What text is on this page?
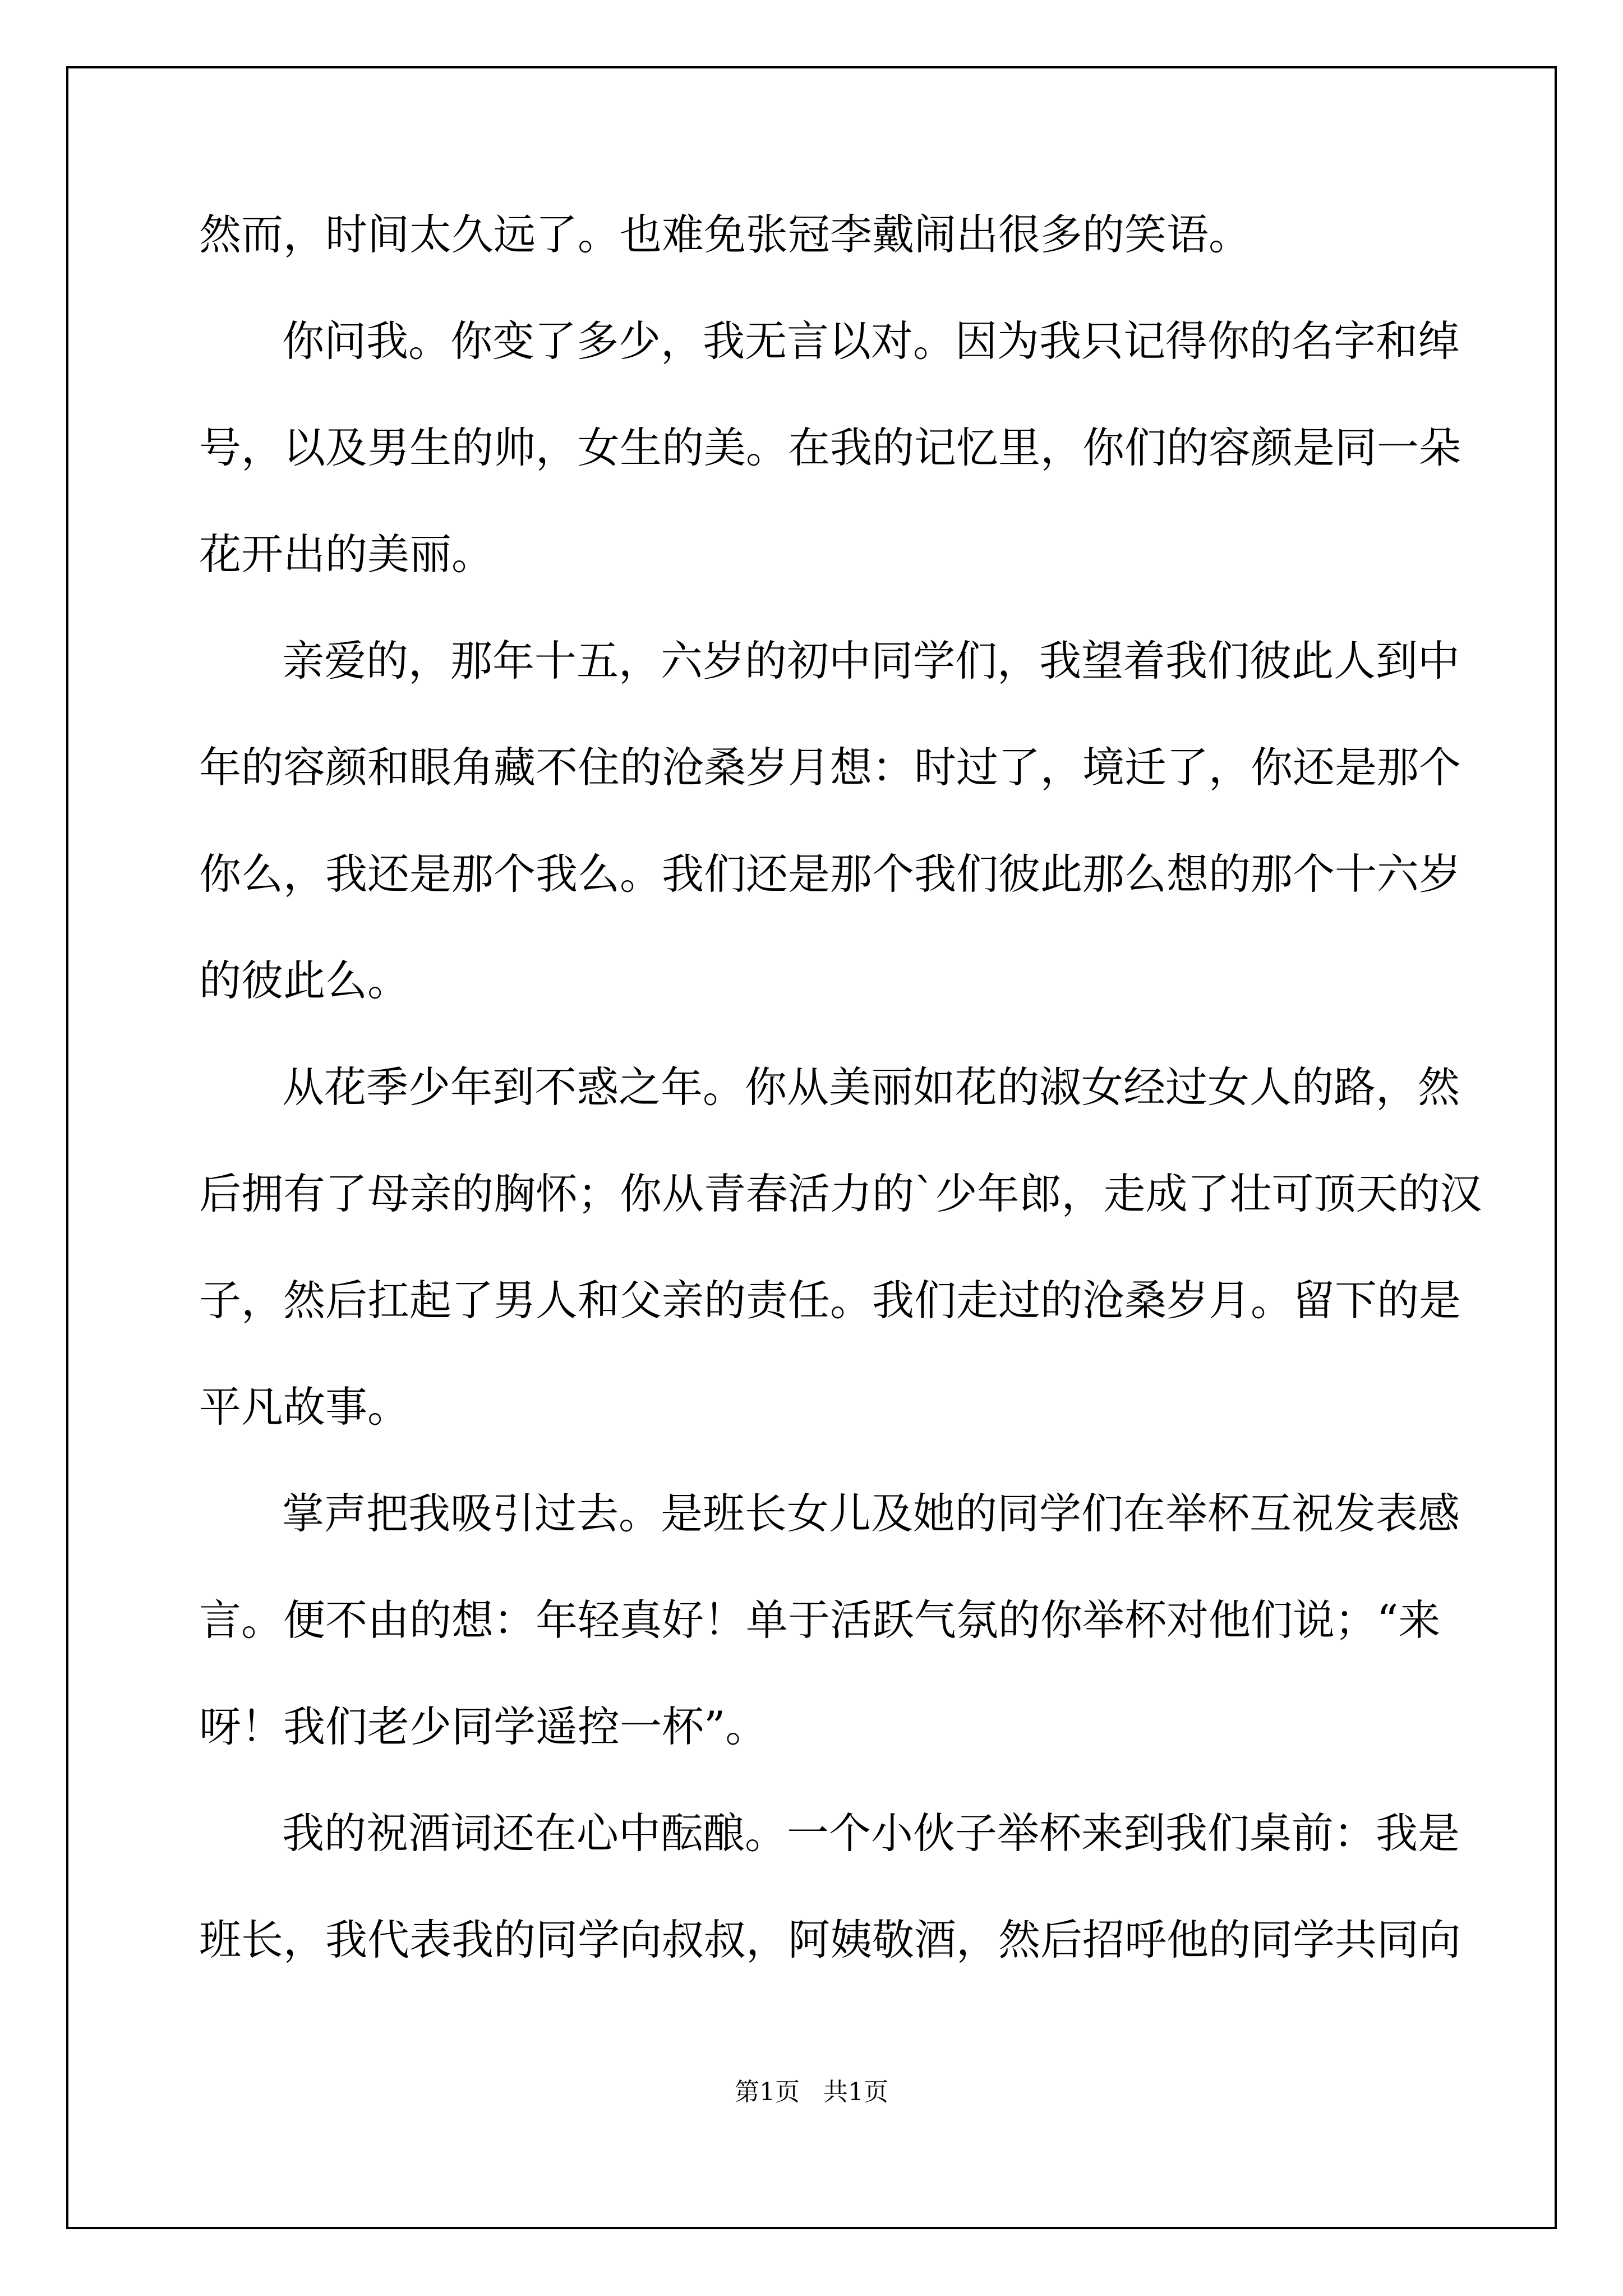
然而，时间太久远了。也难免张冠李戴闹出很多的笑语。
你问我。你变了多少，我无言以对。因为我只记得你的名字和绰
号，以及男生的帅，女生的美。在我的记忆里，你们的容颜是同一朵
花开出的美丽。
亲爱的，那年十五，六岁的初中同学们，我望着我们彼此人到中
年的容颜和眼角藏不住的沧桑岁月想：时过了，境迁了，你还是那个
你么，我还是那个我么。我们还是那个我们彼此那么想的那个十六岁
的彼此么。
从花季少年到不惑之年。你从美丽如花的淑女经过女人的路，然
后拥有了母亲的胸怀；你从青春活力的`少年郎，走成了壮可顶天的汉
子，然后扛起了男人和父亲的责任。我们走过的沧桑岁月。留下的是
平凡故事。
掌声把我吸引过去。是班长女儿及她的同学们在举杯互祝发表感
言。便不由的想：年轻真好！单于活跃气氛的你举杯对他们说；“来
呀！我们老少同学遥控一杯”。
我的祝酒词还在心中酝酿。一个小伙子举杯来到我们桌前：我是
班长，我代表我的同学向叔叔，阿姨敬酒，然后招呼他的同学共同向
第1页   共1页
